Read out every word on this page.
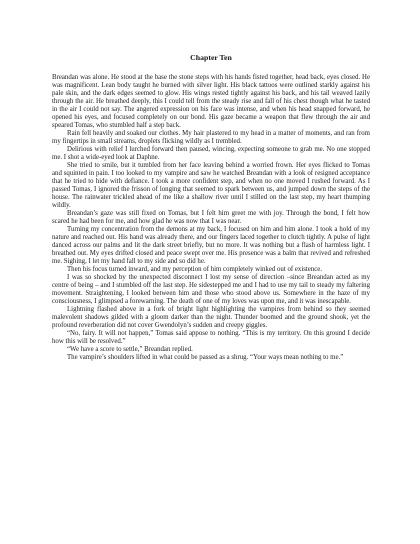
Chapter Ten

Breandan was alone. He stood at the base the stone steps with his hands fisted together, head back, eyes closed. He was magnificent. Lean body taught he burned with silver light. His black tattoos were outlined starkly against his pale skin, and the dark edges seemed to glow. His wings rested tightly against his back, and his tail weaved lazily through the air. He breathed deeply, this I could tell from the steady rise and fall of his chest though what he tasted in the air I could not say. The angered expression on his face was intense, and when his head snapped forward, he opened his eyes, and focused completely on our bond. His gaze became a weapon that flew through the air and speared Tomas, who stumbled half a step back.

Rain fell heavily and soaked our clothes. My hair plastered to my head in a matter of moments, and ran from my fingertips in small streams, droplets flicking wildly as I trembled.

Delirious with relief I lurched forward then paused, wincing, expecting someone to grab me. No one stopped me. I shot a wide-eyed look at Daphne.

She tried to smile, but it tumbled from her face leaving behind a worried frown. Her eyes flicked to Tomas and squinted in pain. I too looked to my vampire and saw he watched Breandan with a look of resigned acceptance that he tried to hide with defiance. I took a more confident step, and when no one moved I rushed forward. As I passed Tomas, I ignored the frisson of longing that seemed to spark between us, and jumped down the steps of the house. The rainwater trickled ahead of me like a shallow river until I stilled on the last step, my heart thumping wildly.

Breandan’s gaze was still fixed on Tomas, but I felt him greet me with joy. Through the bond, I felt how scared he had been for me, and how glad he was now that I was near.

Turning my concentration from the demons at my back, I focused on him and him alone. I took a hold of my nature and reached out. His hand was already there, and our fingers laced together to clutch tightly. A pulse of light danced across our palms and lit the dark street briefly, but no more. It was nothing but a flash of harmless light. I breathed out. My eyes drifted closed and peace swept over me. His presence was a balm that revived and refreshed me. Sighing, I let my hand fall to my side and so did he.

Then his focus turned inward, and my perception of him completely winked out of existence.

I was so shocked by the unexpected disconnect I lost my sense of direction –since Breandan acted as my centre of being – and I stumbled off the last step. He sidestepped me and I had to use my tail to steady my faltering movement. Straightening, I looked between him and those who stood above us. Somewhere in the haze of my consciousness, I glimpsed a forewarning. The death of one of my loves was upon me, and it was inescapable.

Lightning flashed above in a fork of bright light highlighting the vampires from behind so they seemed malevolent shadows gilded with a gloom darker than the night. Thunder boomed and the ground shook, yet the profound reverberation did not cover Gwendolyn’s sudden and creepy giggles.

“No, fairy. It will not happen,” Tomas said appose to nothing. “This is my territory. On this ground I decide how this will be resolved.”

“We have a score to settle,” Breandan replied.

The vampire’s shoulders lifted in what could be passed as a shrug. “Your ways mean nothing to me.”
